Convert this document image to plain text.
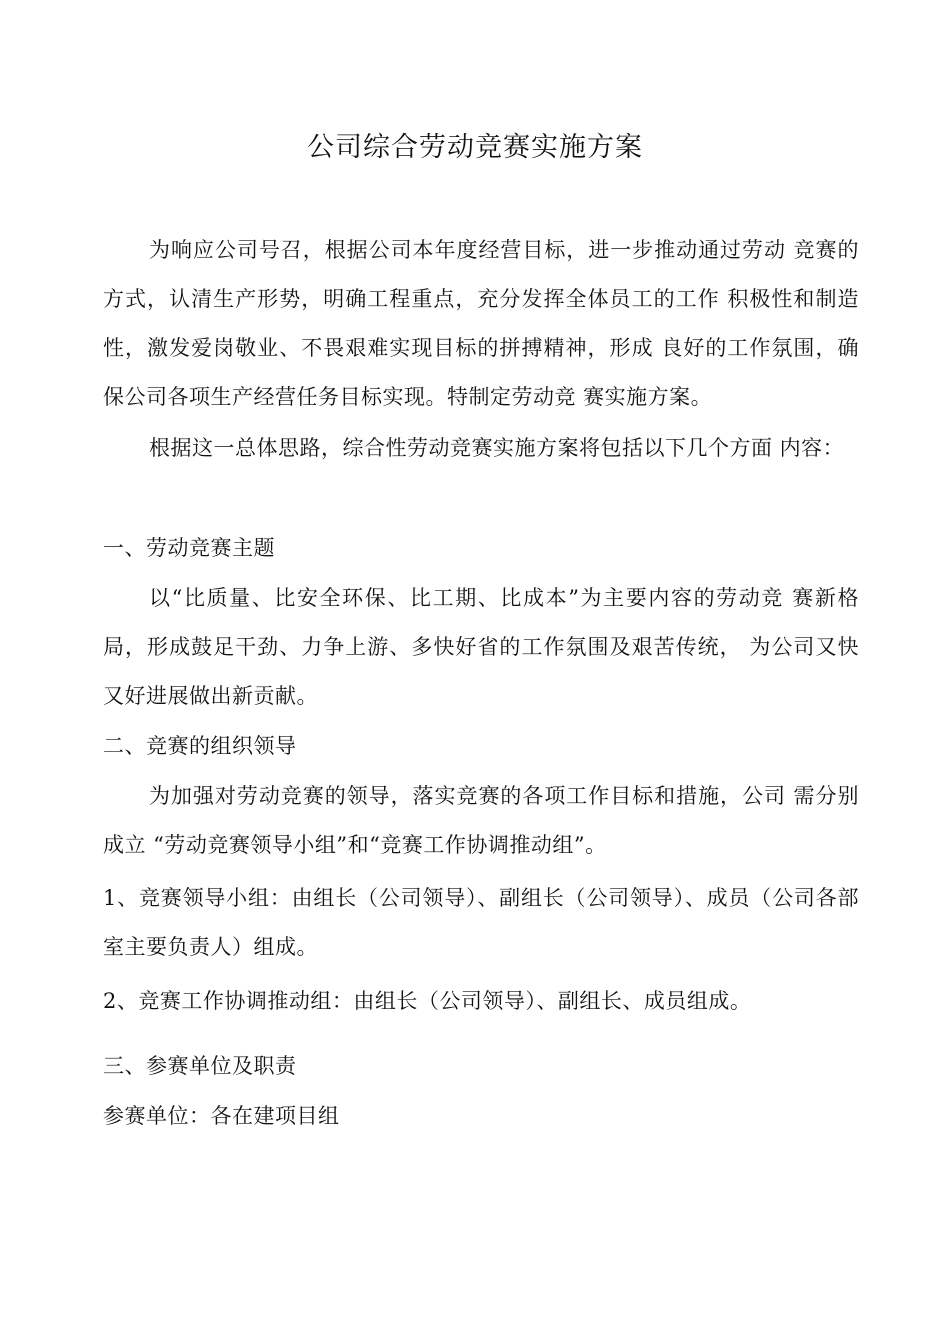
公司综合劳动竞赛实施方案

为响应公司号召，根据公司本年度经营目标，进一步推动通过劳动 竞赛的方式，认清生产形势，明确工程重点，充分发挥全体员工的工作 积极性和制造性，激发爱岗敬业、不畏艰难实现目标的拼搏精神，形成 良好的工作氛围，确保公司各项生产经营任务目标实现。特制定劳动竞 赛实施方案。

根据这一总体思路，综合性劳动竞赛实施方案将包括以下几个方面 内容：

一、劳动竞赛主题

以“比质量、比安全环保、比工期、比成本”为主要内容的劳动竞 赛新格局，形成鼓足干劲、力争上游、多快好省的工作氛围及艰苦传统， 为公司又快又好进展做出新贡献。

二、竞赛的组织领导

为加强对劳动竞赛的领导，落实竞赛的各项工作目标和措施，公司 需分别成立 “劳动竞赛领导小组”和“竞赛工作协调推动组”。

1、竞赛领导小组：由组长（公司领导）、副组长（公司领导）、成员（公司各部室主要负责人）组成。

2、竞赛工作协调推动组：由组长（公司领导）、副组长、成员组成。

三、参赛单位及职责

参赛单位：各在建项目组
